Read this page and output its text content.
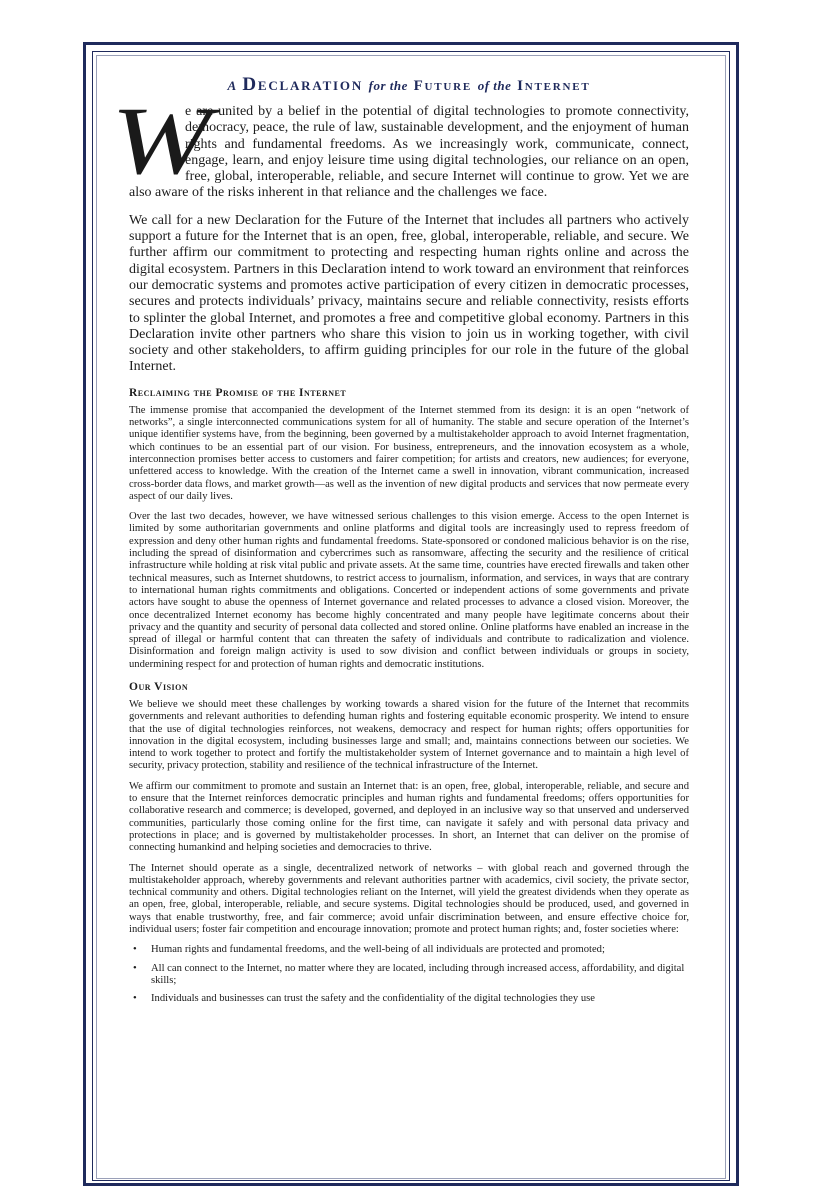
A Declaration for the Future of the Internet
W

e are united by a belief in the potential of digital technologies to promote connectivity, democracy, peace, the rule of law, sustainable development, and the enjoyment of human rights and fundamental freedoms. As we increasingly work, communicate, connect, engage, learn, and enjoy leisure time using digital technologies, our reliance on an open, free, global, interoperable, reliable, and secure Internet will continue to grow. Yet we are also aware of the risks inherent in that reliance and the challenges we face.

We call for a new Declaration for the Future of the Internet that includes all partners who actively support a future for the Internet that is an open, free, global, interoperable, reliable, and secure. We further affirm our commitment to protecting and respecting human rights online and across the digital ecosystem. Partners in this Declaration intend to work toward an environment that reinforces our democratic systems and promotes active participation of every citizen in democratic processes, secures and protects individuals’ privacy, maintains secure and reliable connectivity, resists efforts to splinter the global Internet, and promotes a free and competitive global economy. Partners in this Declaration invite other partners who share this vision to join us in working together, with civil society and other stakeholders, to affirm guiding principles for our role in the future of the global Internet.

Reclaiming the Promise of the Internet

The immense promise that accompanied the development of the Internet stemmed from its design: it is an open “network of networks”, a single interconnected communications system for all of humanity. The stable and secure operation of the Internet’s unique identifier systems have, from the beginning, been governed by a multistakeholder approach to avoid Internet fragmentation, which continues to be an essential part of our vision. For business, entrepreneurs, and the innovation ecosystem as a whole, interconnection promises better access to customers and fairer competition; for artists and creators, new audiences; for everyone, unfettered access to knowledge. With the creation of the Internet came a swell in innovation, vibrant communication, increased cross-border data flows, and market growth—as well as the invention of new digital products and services that now permeate every aspect of our daily lives.

Over the last two decades, however, we have witnessed serious challenges to this vision emerge. Access to the open Internet is limited by some authoritarian governments and online platforms and digital tools are increasingly used to repress freedom of expression and deny other human rights and fundamental freedoms. State-sponsored or condoned malicious behavior is on the rise, including the spread of disinformation and cybercrimes such as ransomware, affecting the security and the resilience of critical infrastructure while holding at risk vital public and private assets. At the same time, countries have erected firewalls and taken other technical measures, such as Internet shutdowns, to restrict access to journalism, information, and services, in ways that are contrary to international human rights commitments and obligations. Concerted or independent actions of some governments and private actors have sought to abuse the openness of Internet governance and related processes to advance a closed vision. Moreover, the once decentralized Internet economy has become highly concentrated and many people have legitimate concerns about their privacy and the quantity and security of personal data collected and stored online. Online platforms have enabled an increase in the spread of illegal or harmful content that can threaten the safety of individuals and contribute to radicalization and violence. Disinformation and foreign malign activity is used to sow division and conflict between individuals or groups in society, undermining respect for and protection of human rights and democratic institutions.

Our Vision

We believe we should meet these challenges by working towards a shared vision for the future of the Internet that recommits governments and relevant authorities to defending human rights and fostering equitable economic prosperity. We intend to ensure that the use of digital technologies reinforces, not weakens, democracy and respect for human rights; offers opportunities for innovation in the digital ecosystem, including businesses large and small; and, maintains connections between our societies. We intend to work together to protect and fortify the multistakeholder system of Internet governance and to maintain a high level of security, privacy protection, stability and resilience of the technical infrastructure of the Internet.

We affirm our commitment to promote and sustain an Internet that: is an open, free, global, interoperable, reliable, and secure and to ensure that the Internet reinforces democratic principles and human rights and fundamental freedoms; offers opportunities for collaborative research and commerce; is developed, governed, and deployed in an inclusive way so that unserved and underserved communities, particularly those coming online for the first time, can navigate it safely and with personal data privacy and protections in place; and is governed by multistakeholder processes. In short, an Internet that can deliver on the promise of connecting humankind and helping societies and democracies to thrive.

The Internet should operate as a single, decentralized network of networks – with global reach and governed through the multistakeholder approach, whereby governments and relevant authorities partner with academics, civil society, the private sector, technical community and others. Digital technologies reliant on the Internet, will yield the greatest dividends when they operate as an open, free, global, interoperable, reliable, and secure systems. Digital technologies should be produced, used, and governed in ways that enable trustworthy, free, and fair commerce; avoid unfair discrimination between, and ensure effective choice for, individual users; foster fair competition and encourage innovation; promote and protect human rights; and, foster societies where:

• Human rights and fundamental freedoms, and the well-being of all individuals are protected and promoted;
• All can connect to the Internet, no matter where they are located, including through increased access, affordability, and digital skills;
• Individuals and businesses can trust the safety and the confidentiality of the digital technologies they use
